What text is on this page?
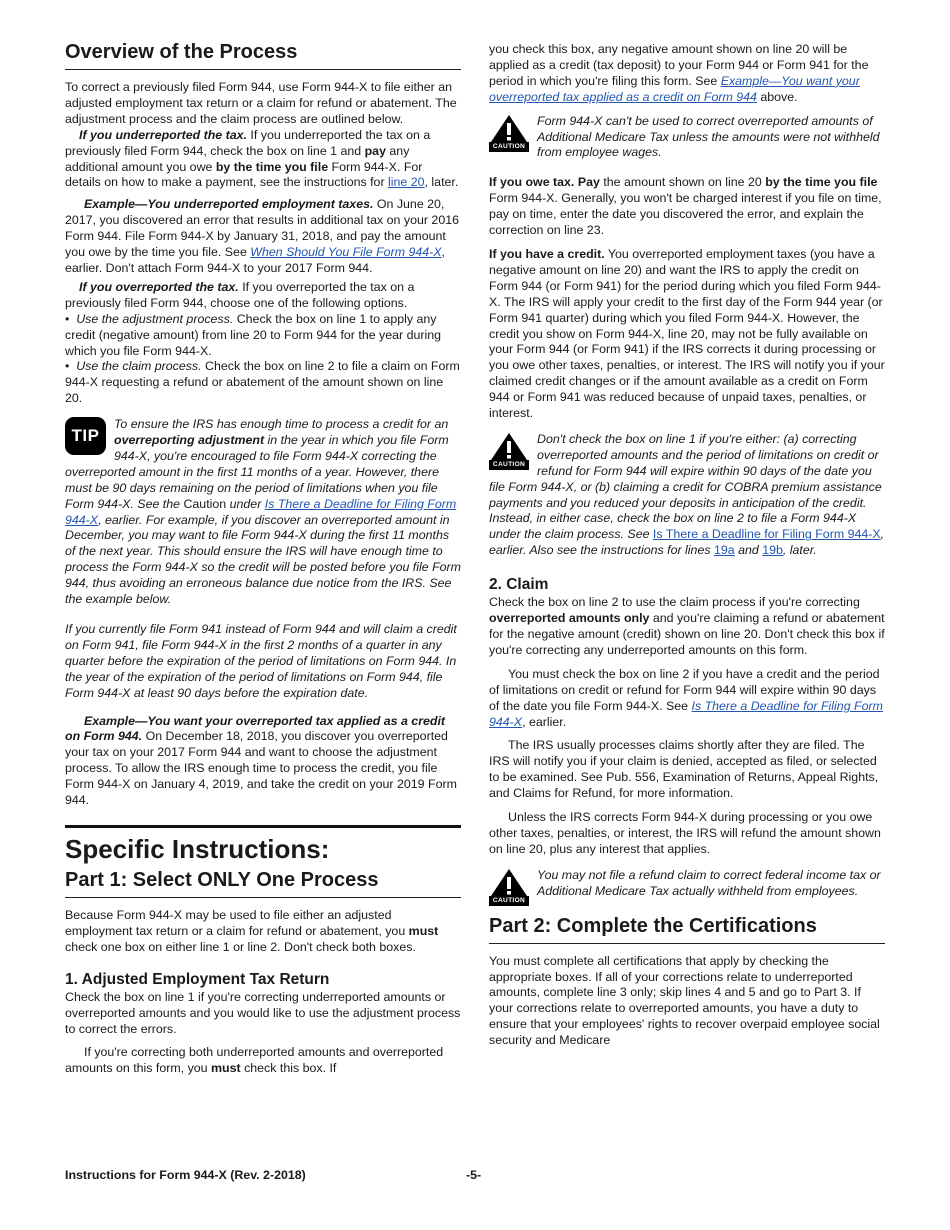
Overview of the Process

To correct a previously filed Form 944, use Form 944-X to file either an adjusted employment tax return or a claim for refund or abatement. The adjustment process and the claim process are outlined below.

If you underreported the tax. If you underreported the tax on a previously filed Form 944, check the box on line 1 and pay any additional amount you owe by the time you file Form 944-X. For details on how to make a payment, see the instructions for line 20, later.

Example—You underreported employment taxes. On June 20, 2017, you discovered an error that results in additional tax on your 2016 Form 944. File Form 944-X by January 31, 2018, and pay the amount you owe by the time you file. See When Should You File Form 944-X, earlier. Don't attach Form 944-X to your 2017 Form 944.

If you overreported the tax. If you overreported the tax on a previously filed Form 944, choose one of the following options.

• Use the adjustment process. Check the box on line 1 to apply any credit (negative amount) from line 20 to Form 944 for the year during which you file Form 944-X.

• Use the claim process. Check the box on line 2 to file a claim on Form 944-X requesting a refund or abatement of the amount shown on line 20.

TIP

To ensure the IRS has enough time to process a credit for an overreporting adjustment in the year in which you file Form 944-X, you're encouraged to file Form 944-X correcting the overreported amount in the first 11 months of a year. However, there must be 90 days remaining on the period of limitations when you file Form 944-X. See the Caution under Is There a Deadline for Filing Form 944-X, earlier. For example, if you discover an overreported amount in December, you may want to file Form 944-X during the first 11 months of the next year. This should ensure the IRS will have enough time to process the Form 944-X so the credit will be posted before you file Form 944, thus avoiding an erroneous balance due notice from the IRS. See the example below.

If you currently file Form 941 instead of Form 944 and will claim a credit on Form 941, file Form 944-X in the first 2 months of a quarter in any quarter before the expiration of the period of limitations on Form 944. In the year of the expiration of the period of limitations on Form 944, file Form 944-X at least 90 days before the expiration date.

Example—You want your overreported tax applied as a credit on Form 944. On December 18, 2018, you discover you overreported your tax on your 2017 Form 944 and want to choose the adjustment process. To allow the IRS enough time to process the credit, you file Form 944-X on January 4, 2019, and take the credit on your 2019 Form 944.

Specific Instructions:
Part 1: Select ONLY One Process

Because Form 944-X may be used to file either an adjusted employment tax return or a claim for refund or abatement, you must check one box on either line 1 or line 2. Don't check both boxes.

1. Adjusted Employment Tax Return

Check the box on line 1 if you're correcting underreported amounts or overreported amounts and you would like to use the adjustment process to correct the errors.

If you're correcting both underreported amounts and overreported amounts on this form, you must check this box. If

you check this box, any negative amount shown on line 20 will be applied as a credit (tax deposit) to your Form 944 or Form 941 for the period in which you're filing this form. See Example—You want your overreported tax applied as a credit on Form 944 above.

CAUTION

Form 944-X can't be used to correct overreported amounts of Additional Medicare Tax unless the amounts were not withheld from employee wages.

If you owe tax. Pay the amount shown on line 20 by the time you file Form 944-X. Generally, you won't be charged interest if you file on time, pay on time, enter the date you discovered the error, and explain the correction on line 23.

If you have a credit. You overreported employment taxes (you have a negative amount on line 20) and want the IRS to apply the credit on Form 944 (or Form 941) for the period during which you filed Form 944-X. The IRS will apply your credit to the first day of the Form 944 year (or Form 941 quarter) during which you filed Form 944-X. However, the credit you show on Form 944-X, line 20, may not be fully available on your Form 944 (or Form 941) if the IRS corrects it during processing or you owe other taxes, penalties, or interest. The IRS will notify you if your claimed credit changes or if the amount available as a credit on Form 944 or Form 941 was reduced because of unpaid taxes, penalties, or interest.

CAUTION

Don't check the box on line 1 if you're either: (a) correcting overreported amounts and the period of limitations on credit or refund for Form 944 will expire within 90 days of the date you file Form 944-X, or (b) claiming a credit for COBRA premium assistance payments and you reduced your deposits in anticipation of the credit. Instead, in either case, check the box on line 2 to file a Form 944-X under the claim process. See Is There a Deadline for Filing Form 944-X, earlier. Also see the instructions for lines 19a and 19b, later.

2. Claim

Check the box on line 2 to use the claim process if you're correcting overreported amounts only and you're claiming a refund or abatement for the negative amount (credit) shown on line 20. Don't check this box if you're correcting any underreported amounts on this form.

You must check the box on line 2 if you have a credit and the period of limitations on credit or refund for Form 944 will expire within 90 days of the date you file Form 944-X. See Is There a Deadline for Filing Form 944-X, earlier.

The IRS usually processes claims shortly after they are filed. The IRS will notify you if your claim is denied, accepted as filed, or selected to be examined. See Pub. 556, Examination of Returns, Appeal Rights, and Claims for Refund, for more information.

Unless the IRS corrects Form 944-X during processing or you owe other taxes, penalties, or interest, the IRS will refund the amount shown on line 20, plus any interest that applies.

CAUTION

You may not file a refund claim to correct federal income tax or Additional Medicare Tax actually withheld from employees.

Part 2: Complete the Certifications

You must complete all certifications that apply by checking the appropriate boxes. If all of your corrections relate to underreported amounts, complete line 3 only; skip lines 4 and 5 and go to Part 3. If your corrections relate to overreported amounts, you have a duty to ensure that your employees' rights to recover overpaid employee social security and Medicare

Instructions for Form 944-X (Rev. 2-2018)	-5-
